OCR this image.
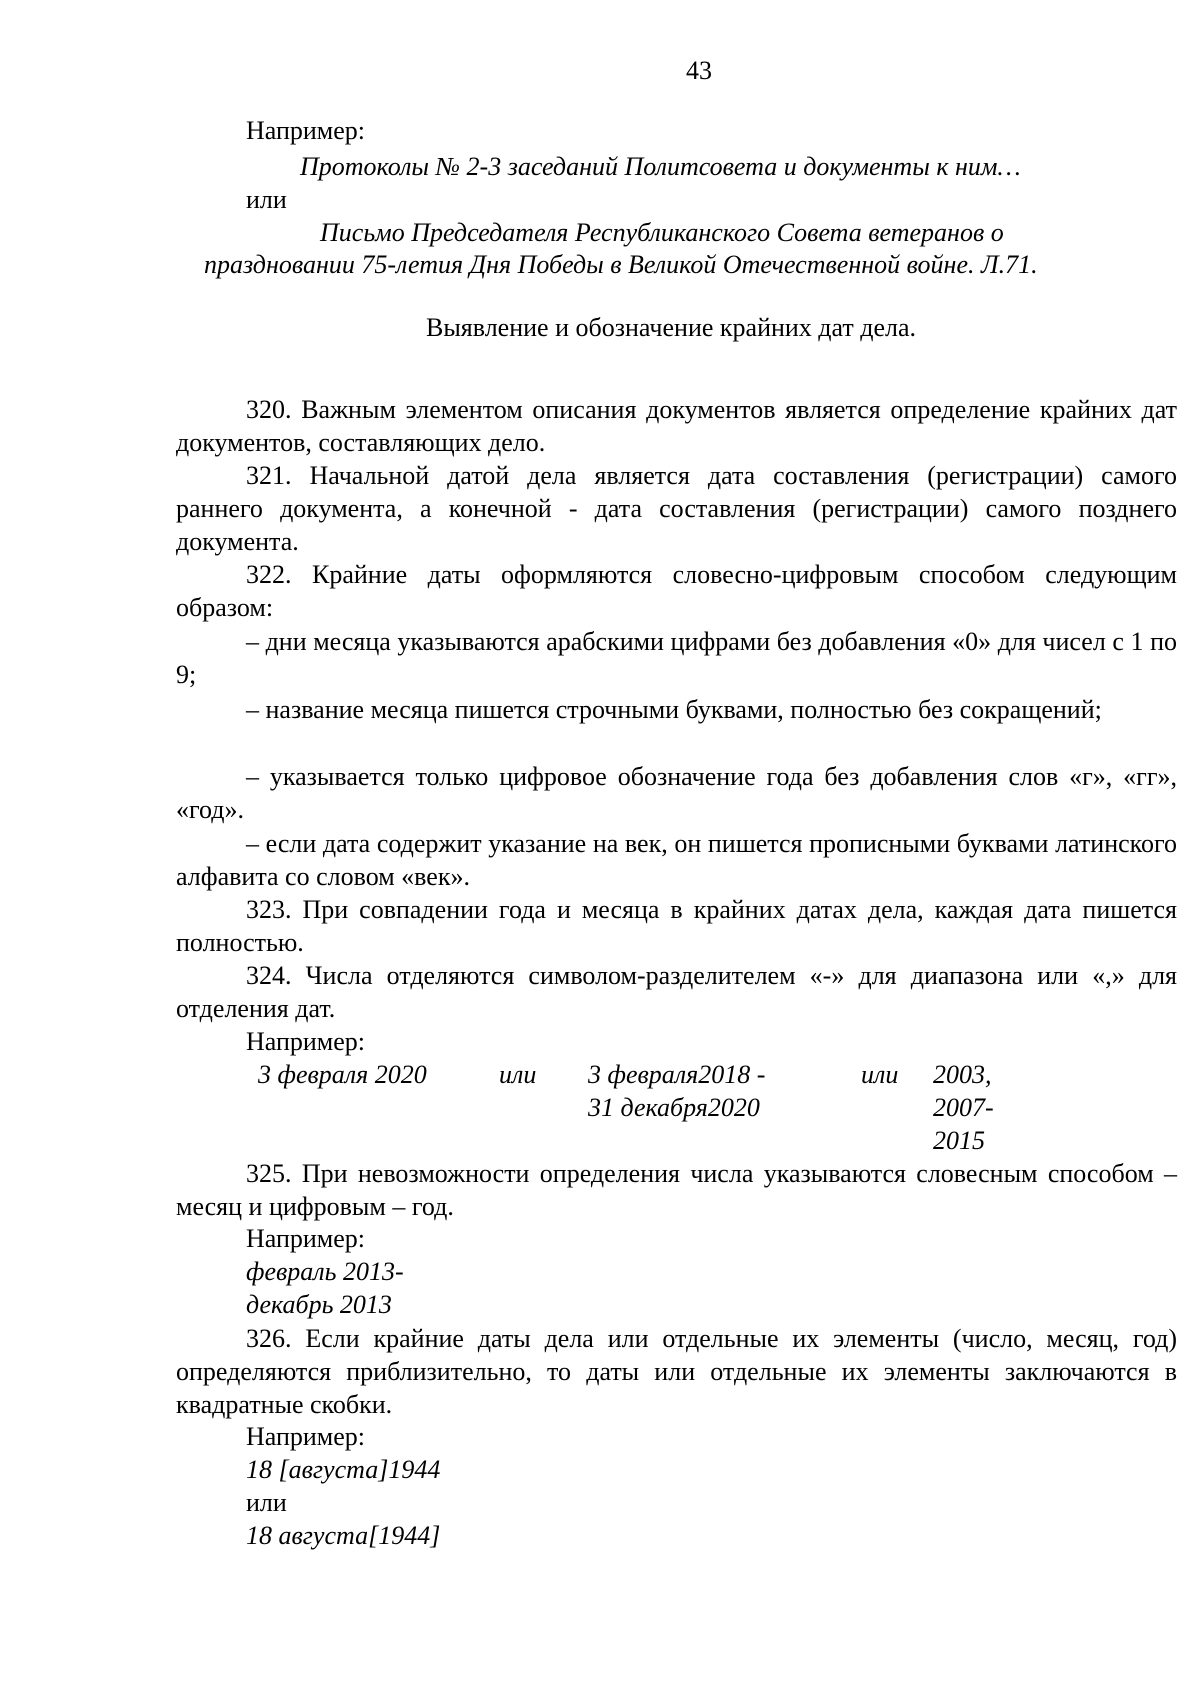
43
Например:
Протоколы № 2-3 заседаний Политсовета и документы к ним…
или
Письмо Председателя Республиканского Совета ветеранов о
праздновании 75-летия Дня Победы в Великой Отечественной войне. Л.71.
Выявление и обозначение крайних дат дела.
320. Важным элементом описания документов является определение крайних дат документов, составляющих дело.
321. Начальной датой дела является дата составления (регистрации) самого раннего документа, а конечной - дата составления (регистрации) самого позднего документа.
322. Крайние даты оформляются словесно-цифровым способом следующим образом:
– дни месяца указываются арабскими цифрами без добавления «0» для чисел с 1 по 9;
– название месяца пишется строчными буквами, полностью без сокращений;
– указывается только цифровое обозначение года без добавления слов «г», «гг», «год».
– если дата содержит указание на век, он пишется прописными буквами латинского алфавита со словом «век».
323. При совпадении года и месяца в крайних датах дела, каждая дата пишется полностью.
324. Числа отделяются символом-разделителем «-» для диапазона или «,» для отделения дат.
Например:
3 февраля 2020	или 3 февраля2018 -
31 декабря2020
или 2003,
2007-
2015
325. При невозможности определения числа указываются словесным способом – месяц и цифровым – год.
Например:
февраль 2013-
декабрь 2013
326. Если крайние даты дела или отдельные их элементы (число, месяц, год) определяются приблизительно, то даты или отдельные их элементы заключаются в квадратные скобки.
Например:
18 [августа]1944
или
18 августа[1944]
